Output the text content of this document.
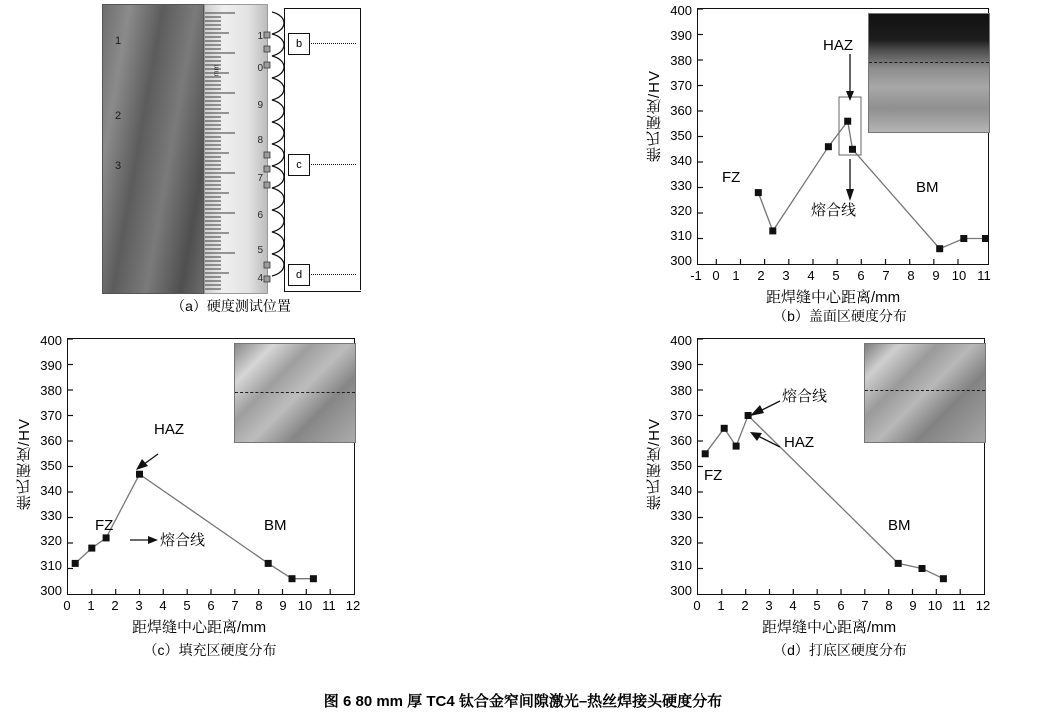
1
2
3
mm
1
0
9
8
7
6
5
4
b
c
d
（a）硬度测试位置
维氏硬度/HV
400
390
380
370
360
350
340
330
320
310
300
-1 0 1	2	3	4	5	6	7	8	9 10 11
FZ
HAZ
熔合线
BM
距焊缝中心距离/mm
（b）盖面区硬度分布
维氏硬度/HV
400
390
380
370
360
350
340
330
320
310
300
0	1	2	3	4	5	6	7	8	9 10 11 12
FZ
HAZ
熔合线
BM
距焊缝中心距离/mm
（c）填充区硬度分布
维氏硬度/HV
400
390
380
370
360
350
340
330
320
310
300
0	1	2	3	4	5	6	7	8	9 10 11 12
FZ
熔合线
HAZ
BM
距焊缝中心距离/mm
（d）打底区硬度分布
图 6 80 mm 厚 TC4 钛合金窄间隙激光–热丝焊接头硬度分布
